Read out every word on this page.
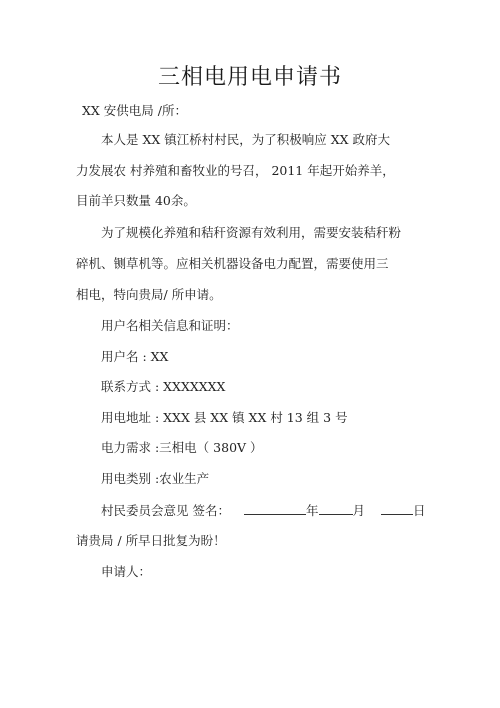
三相电用电申请书
XX 安供电局 /所：
本人是 XX 镇江桥村村民，为了积极响应 XX 政府大
力发展农 村养殖和畜牧业的号召， 2011 年起开始养羊，
目前羊只数量 40余。
为了规模化养殖和秸秆资源有效利用，需要安装秸秆粉
碎机、铡草机等。应相关机器设备电力配置，需要使用三
相电，特向贵局/ 所申请。
用户名相关信息和证明：
用户名 : XX
联系方式 : XXXXXXX
用电地址 : XXX 县 XX 镇 XX 村 13 组 3 号
电力需求 :三相电（ 380V ）
用电类别 :农业生产
村民委员会意见 签名：	年	月	日
请贵局 / 所早日批复为盼！
申请人：
